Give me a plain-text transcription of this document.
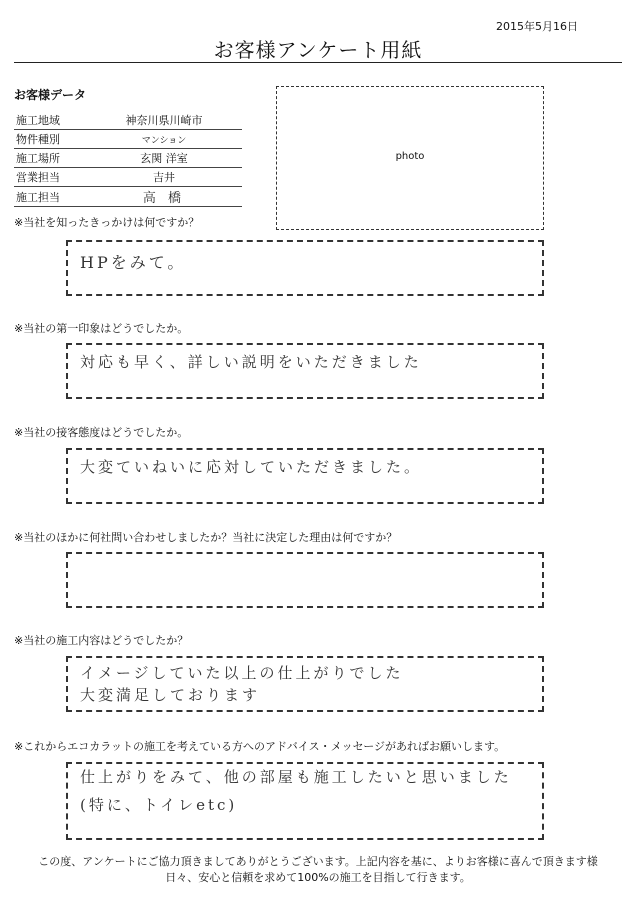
2015年5月16日
お客様アンケート用紙
お客様データ
施工地域	神奈川県川崎市
物件種別	マンション
施工場所	玄関 洋室
営業担当	吉井
施工担当	高 橋
photo
※当社を知ったきっかけは何ですか？
HPをみて。
※当社の第一印象はどうでしたか。
対応も早く、詳しい説明をいただきました
※当社の接客態度はどうでしたか。
大変ていねいに応対していただきました。
※当社のほかに何社問い合わせしましたか？当社に決定した理由は何ですか？
※当社の施工内容はどうでしたか？
イメージしていた以上の仕上がりでした
大変満足しております
※これからエコカラットの施工を考えている方へのアドバイス・メッセージがあればお願いします。
仕上がりをみて、他の部屋も施工したいと思いました
(特に、トイレetc)
この度、アンケートにご協力頂きましてありがとうございます。上記内容を基に、よりお客様に喜んで頂きます様
日々、安心と信頼を求めて100%の施工を目指して行きます。
